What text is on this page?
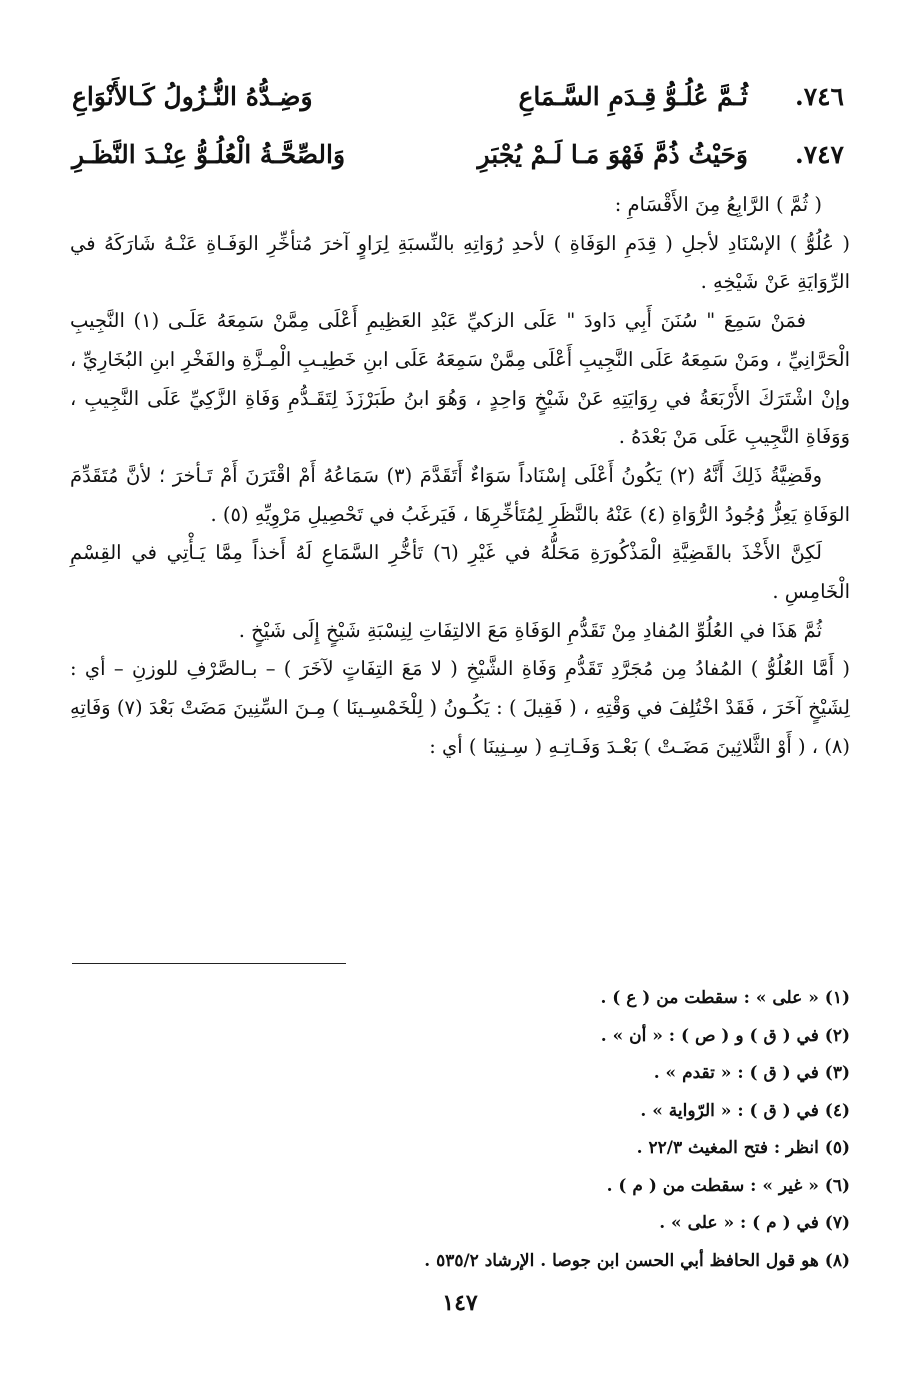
٧٤٦.
ثُـمَّ عُلُـوُّ قِـدَمِ السَّـمَاعِ
وَضِـدُّهُ النُّـزُولُ كَـالأَنْوَاعِ
٧٤٧.
وَحَيْثُ ذُمَّ فَهْوَ مَـا لَـمْ يُجْبَرِ
وَالصِّحَّـةُ الْعُلُـوُّ عِنْـدَ النَّظَـرِ

( ثُمَّ ) الرَّابِعُ مِنَ الأَقْسَامِ :

( عُلُوُّ ) الإسْنَادِ لأجلِ ( قِدَمِ الوَفَاةِ ) لأحدِ رُوَاتِهِ بالنِّسبَةِ لِرَاوٍ آخرَ مُتأخِّرِ الوَفَـاةِ عَنْـهُ شَارَكَهُ في الرِّوَايَةِ عَنْ شَيْخِهِ .

فمَنْ سَمِعَ " سُنَنَ أَبِي دَاودَ " عَلَى الزكيِّ عَبْدِ العَظِيمِ أَعْلَى مِمَّنْ سَمِعَهُ عَلَـى (١) النَّجِيبِ الْحَرَّانِيِّ ، ومَنْ سَمِعَهُ عَلَى النَّجِيبِ أَعْلَى مِمَّنْ سَمِعَهُ عَلَى ابنِ خَطِيـبِ الْمِـزَّةِ والفَخْرِ ابنِ البُخَارِيِّ ، وإنْ اشْتَرَكَ الأَرْبَعَةُ في رِوَايَتِهِ عَنْ شَيْخٍ وَاحِدٍ ، وَهُوَ ابنُ طَبَرْزَذَ لِتَقَـدُّمِ وَفَاةِ الزَّكِيِّ عَلَى النَّجِيبِ ، وَوَفَاةِ النَّجِيبِ عَلَى مَنْ بَعْدَهُ .

وقَضِيَّةُ ذَلِكَ أَنَّهُ (٢) يَكُونُ أَعْلَى إسْنَاداً سَوَاءٌ أَتَقَدَّمَ (٣) سَمَاعُهُ أَمْ اقْتَرَنَ أَمْ تَـأخرَ ؛ لأنَّ مُتَقَدِّمَ الوَفَاةِ يَعِزُّ وُجُودُ الرُّوَاةِ (٤) عَنْهُ بالنَّظَرِ لِمُتَأخِّرِهَا ، فَيَرغَبُ في تَحْصِيلِ مَرْوِيِّهِ (٥) .

لَكِنَّ الأَخْذَ بالقَضِيَّةِ الْمَذْكُورَةِ مَحَلُّهُ في غَيْرِ (٦) تَأخُّرِ السَّمَاعِ لَهُ أَخذاً مِمَّا يَـأْتِي في القِسْمِ الْخَامِسِ .

ثُمَّ هَذَا في العُلُوِّ المُفادِ مِنْ تَقَدُّمِ الوَفَاةِ مَعَ الالتِفَاتِ لِنِسْبَةِ شَيْخٍ إِلَى شَيْخٍ .

( أَمَّا العُلُوُّ ) المُفادُ مِن مُجَرَّدِ تَقَدُّمِ وَفَاةِ الشَّيْخِ ( لا مَعَ التِفَاتٍ لآخَرَ ) – بـالصَّرْفِ للوزنِ – أي : لِشَيْخٍ آخَرَ ، فَقَدْ اخْتُلِفَ في وَقْتِهِ ، ( فَقِيلَ ) : يَكُـونُ ( لِلْخَمْسِـينَا ) مِـنَ السِّنِينَ مَضَتْ بَعْدَ (٧) وَفَاتِهِ (٨) ، ( أَوْ الثَّلاثِينَ مَضَـتْ ) بَعْـدَ وَفَـاتِـهِ ( سِـنِينَا ) أي :

(١) « على » : سقطت من ( ع ) .
(٢) في ( ق ) و ( ص ) : « أن » .
(٣) في ( ق ) : « تقدم » .
(٤) في ( ق ) : « الرّواية » .
(٥) انظر : فتح المغيث ٢٢/٣ .
(٦) « غير » : سقطت من ( م ) .
(٧) في ( م ) : « على » .
(٨) هو قول الحافظ أبي الحسن ابن جوصا . الإرشاد ٥٣٥/٢ .
١٤٧
